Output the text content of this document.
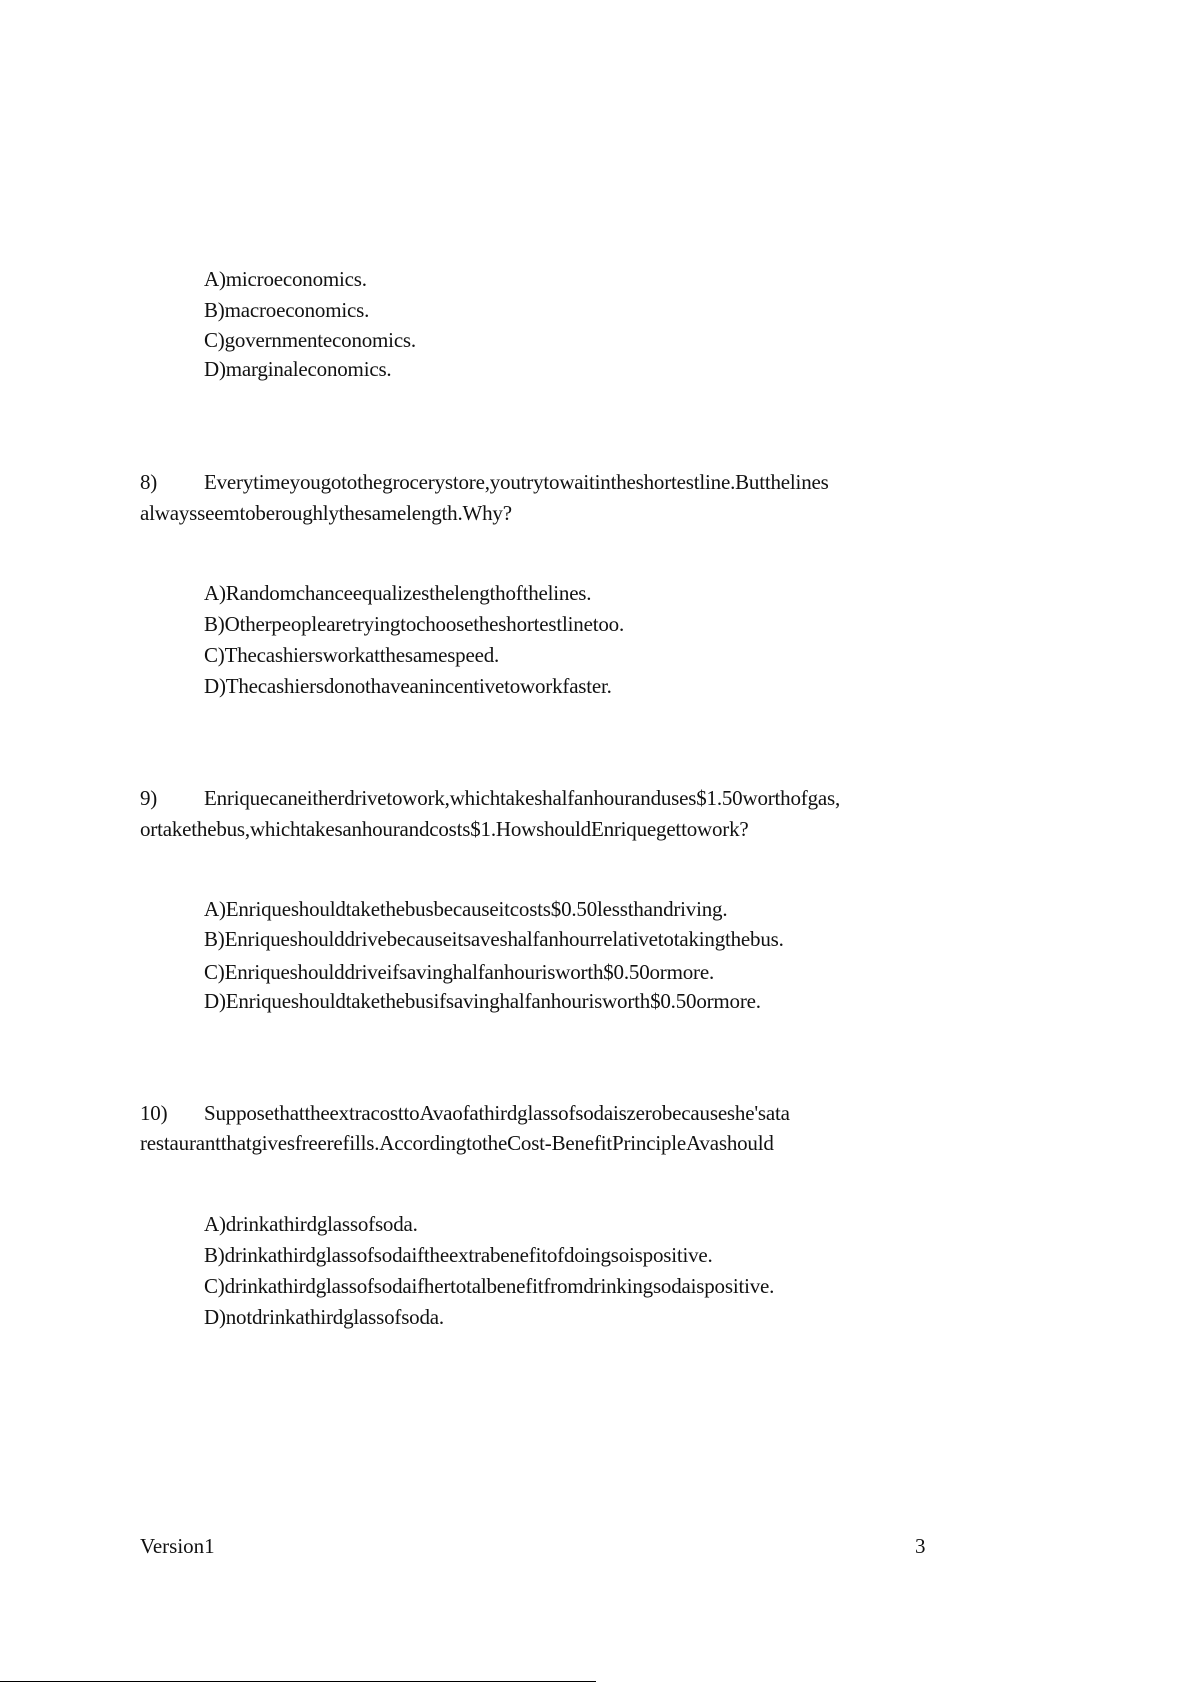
A)microeconomics.
B)macroeconomics.
C)governmenteconomics.
D)marginaleconomics.
8) Everytimeyougotothegrocerystore,youtrytowaitintheshortestline.Butthelines
alwaysseemtoberoughlythesamelength.Why?
A)Randomchanceequalizesthelengthofthelines.
B)Otherpeoplearetryingtochoosetheshortestlinetoo.
C)Thecashiersworkatthesamespeed.
D)Thecashiersdonothaveanincentivetoworkfaster.
9) Enriquecaneitherdrivetowork,whichtakeshalfanhouranduses$1.50worthofgas,
ortakethebus,whichtakesanhourandcosts$1.HowshouldEnriquegettowork?
A)Enriqueshouldtakethebusbecauseitcosts$0.50lessthandriving.
B)Enriqueshoulddrivebecauseitsaveshalfanhourrelativetotakingthebus.
C)Enriqueshoulddriveifsavinghalfanhourisworth$0.50ormore.
D)Enriqueshouldtakethebusifsavinghalfanhourisworth$0.50ormore.
10) SupposethattheextracosttoAvaofathirdglassofsodaiszerobecauseshe'sata
restaurantthatgivesfreerefills.AccordingtotheCost-BenefitPrincipleAvashould
A)drinkathirdglassofsoda.
B)drinkathirdglassofsodaiftheextrabenefitofdoingsoispositive.
C)drinkathirdglassofsodaifhertotalbenefitfromdrinkingsodaispositive.
D)notdrinkathirdglassofsoda.
Version1	3
